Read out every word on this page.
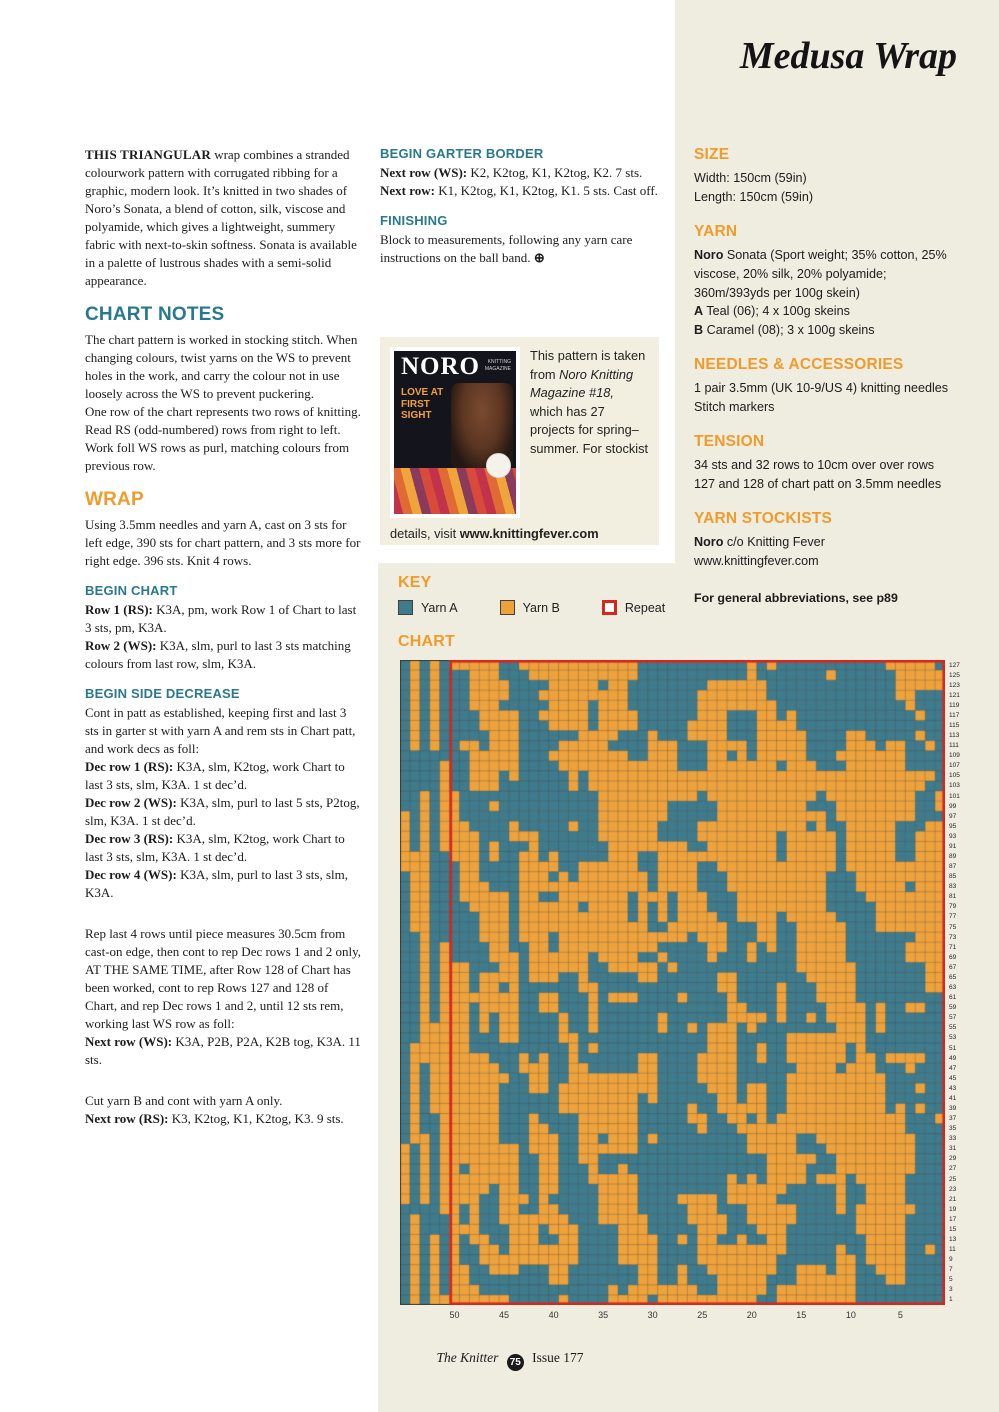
Medusa Wrap

THIS TRIANGULAR wrap combines a stranded colourwork pattern with corrugated ribbing for a graphic, modern look. It’s knitted in two shades of Noro’s Sonata, a blend of cotton, silk, viscose and polyamide, which gives a lightweight, summery fabric with next-to-skin softness. Sonata is available in a palette of lustrous shades with a semi-solid appearance.

CHART NOTES

The chart pattern is worked in stocking stitch. When changing colours, twist yarns on the WS to prevent holes in the work, and carry the colour not in use loosely across the WS to prevent puckering.

One row of the chart represents two rows of knitting. Read RS (odd-numbered) rows from right to left. Work foll WS rows as purl, matching colours from previous row.

WRAP

Using 3.5mm needles and yarn A, cast on 3 sts for left edge, 390 sts for chart pattern, and 3 sts more for right edge. 396 sts. Knit 4 rows.

BEGIN CHART

Row 1 (RS): K3A, pm, work Row 1 of Chart to last 3 sts, pm, K3A.

Row 2 (WS): K3A, slm, purl to last 3 sts matching colours from last row, slm, K3A.

BEGIN SIDE DECREASE

Cont in patt as established, keeping first and last 3 sts in garter st with yarn A and rem sts in Chart patt, and work decs as foll:

Dec row 1 (RS): K3A, slm, K2tog, work Chart to last 3 sts, slm, K3A. 1 st dec’d.

Dec row 2 (WS): K3A, slm, purl to last 5 sts, P2tog, slm, K3A. 1 st dec’d.

Dec row 3 (RS): K3A, slm, K2tog, work Chart to last 3 sts, slm, K3A. 1 st dec’d.

Dec row 4 (WS): K3A, slm, purl to last 3 sts, slm, K3A.

Rep last 4 rows until piece measures 30.5cm from cast-on edge, then cont to rep Dec rows 1 and 2 only, AT THE SAME TIME, after Row 128 of Chart has been worked, cont to rep Rows 127 and 128 of Chart, and rep Dec rows 1 and 2, until 12 sts rem, working last WS row as foll:

Next row (WS): K3A, P2B, P2A, K2B tog, K3A. 11 sts.

Cut yarn B and cont with yarn A only.

Next row (RS): K3, K2tog, K1, K2tog, K3. 9 sts.

BEGIN GARTER BORDER

Next row (WS): K2, K2tog, K1, K2tog, K2. 7 sts.

Next row: K1, K2tog, K1, K2tog, K1. 5 sts. Cast off.

FINISHING

Block to measurements, following any yarn care instructions on the ball band. ⊕

NORO	KNITTING MAGAZINE
LOVE AT FIRST SIGHT
This pattern is taken from Noro Knitting Magazine #18, which has 27 projects for spring–summer. For stockist
details, visit www.knittingfever.com
KEY
Yarn A	Yarn B	Repeat
CHART
127
125
123
121
119
117
115
113
111
109
107
105
103
101
99
97
95
93
91
89
87
85
83
81
79
77
75
73
71
69
67
65
63
61
59
57
55
53
51
49
47
45
43
41
39
37
35
33
31
29
27
25
23
21
19
17
15
13
11
9
7
5
3
1
50	45	40	35	30	25	20	15	10	5
The Knitter 75 Issue 177
SIZE

Width: 150cm (59in)

Length: 150cm (59in)

YARN

Noro Sonata (Sport weight; 35% cotton, 25% viscose, 20% silk, 20% polyamide; 360m/393yds per 100g skein)

A Teal (06); 4 x 100g skeins

B Caramel (08); 3 x 100g skeins

NEEDLES & ACCESSORIES

1 pair 3.5mm (UK 10-9/US 4) knitting needles

Stitch markers

TENSION

34 sts and 32 rows to 10cm over over rows 127 and 128 of chart patt on 3.5mm needles

YARN STOCKISTS

Noro c/o Knitting Fever

www.knittingfever.com

For general abbreviations, see p89
